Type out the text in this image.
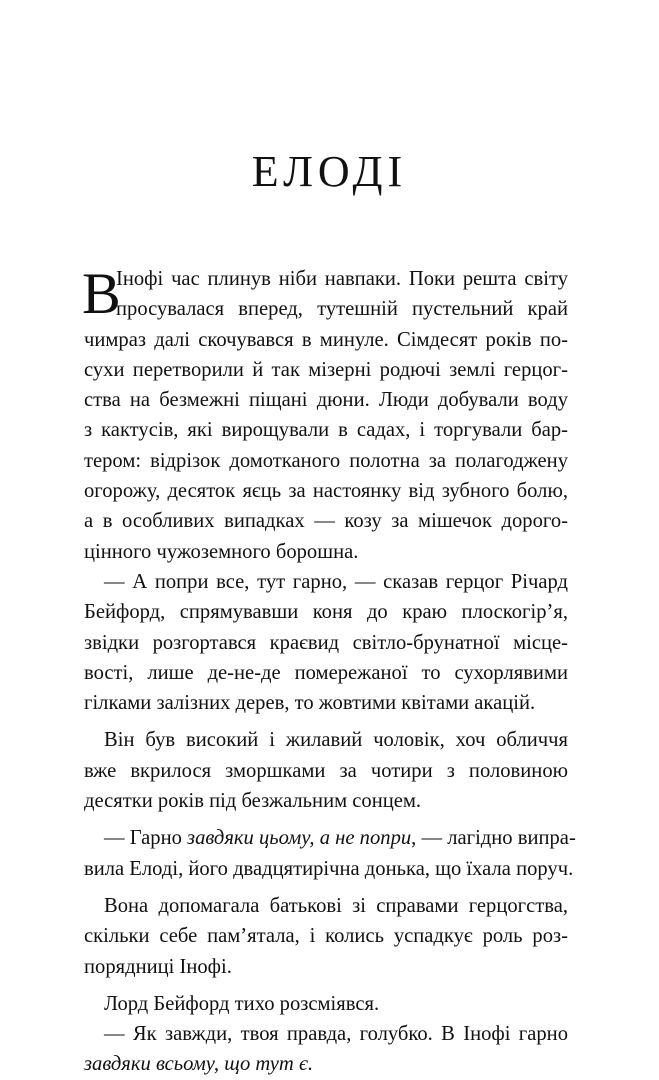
ЕЛОДІ
В
Інофі час плинув ніби навпаки. Поки решта світу
просувалася вперед, тутешній пустельний край
чимраз далі скочувався в минуле. Сімдесят років по-
сухи перетворили й так мізерні родючі землі герцог-
ства на безмежні піщані дюни. Люди добували воду
з кактусів, які вирощували в садах, і торгували бар-
тером: відрізок домотканого полотна за полагоджену
огорожу, десяток яєць за настоянку від зубного болю,
а в особливих випадках — козу за мішечок дорого-
цінного чужоземного борошна.
— А попри все, тут гарно, — сказав герцог Річард
Бейфорд, спрямувавши коня до краю плоскогір’я,
звідки розгортався краєвид світло-брунатної місце-
вості, лише де-не-де помережаної то сухорлявими
гілками залізних дерев, то жовтими квітами акацій.
Він був високий і жилавий чоловік, хоч обличчя
вже вкрилося зморшками за чотири з половиною
десятки років під безжальним сонцем.
— Гарно завдяки цьому, а не попри, — лагідно випра-
вила Елоді, його двадцятирічна донька, що їхала поруч.
Вона допомагала батькові зі справами герцогства,
скільки себе пам’ятала, і колись успадкує роль роз-
порядниці Інофі.
Лорд Бейфорд тихо розсміявся.
— Як завжди, твоя правда, голубко. В Інофі гарно
завдяки всьому, що тут є.
